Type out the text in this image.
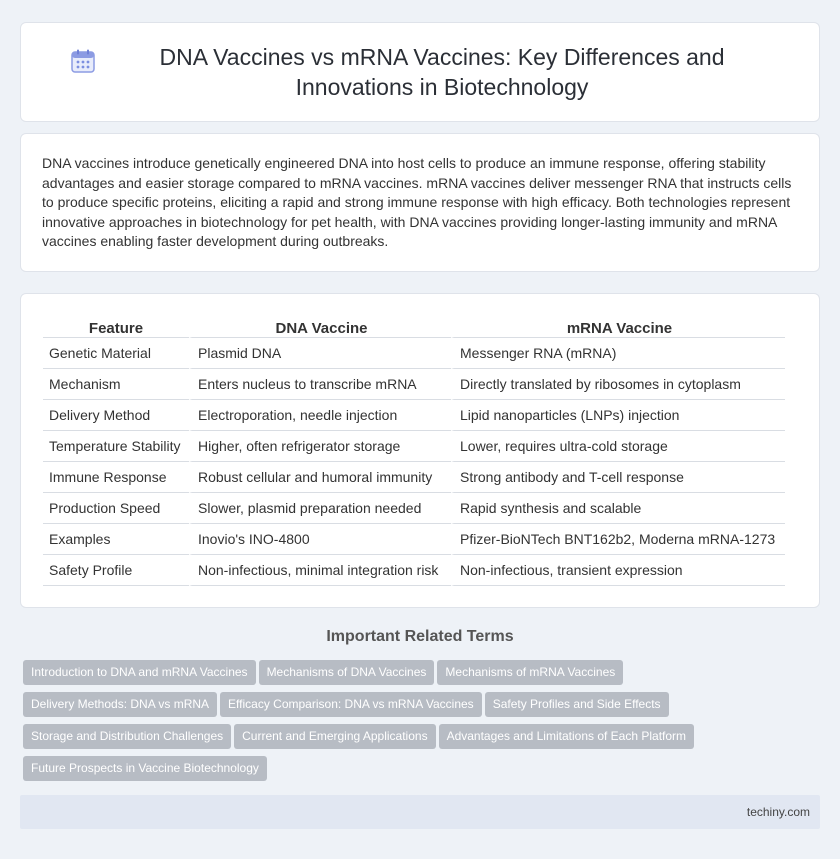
DNA Vaccines vs mRNA Vaccines: Key Differences and Innovations in Biotechnology

DNA vaccines introduce genetically engineered DNA into host cells to produce an immune response, offering stability advantages and easier storage compared to mRNA vaccines. mRNA vaccines deliver messenger RNA that instructs cells to produce specific proteins, eliciting a rapid and strong immune response with high efficacy. Both technologies represent innovative approaches in biotechnology for pet health, with DNA vaccines providing longer-lasting immunity and mRNA vaccines enabling faster development during outbreaks.

Feature	DNA Vaccine	mRNA Vaccine
Genetic Material	Plasmid DNA	Messenger RNA (mRNA)
Mechanism	Enters nucleus to transcribe mRNA	Directly translated by ribosomes in cytoplasm
Delivery Method	Electroporation, needle injection	Lipid nanoparticles (LNPs) injection
Temperature Stability	Higher, often refrigerator storage	Lower, requires ultra-cold storage
Immune Response	Robust cellular and humoral immunity	Strong antibody and T-cell response
Production Speed	Slower, plasmid preparation needed	Rapid synthesis and scalable
Examples	Inovio's INO-4800	Pfizer-BioNTech BNT162b2, Moderna mRNA-1273
Safety Profile	Non-infectious, minimal integration risk	Non-infectious, transient expression
Important Related Terms
Introduction to DNA and mRNA Vaccines Mechanisms of DNA Vaccines Mechanisms of mRNA Vaccines
Delivery Methods: DNA vs mRNA Efficacy Comparison: DNA vs mRNA Vaccines Safety Profiles and Side Effects
Storage and Distribution Challenges Current and Emerging Applications Advantages and Limitations of Each Platform
Future Prospects in Vaccine Biotechnology
techiny.com
